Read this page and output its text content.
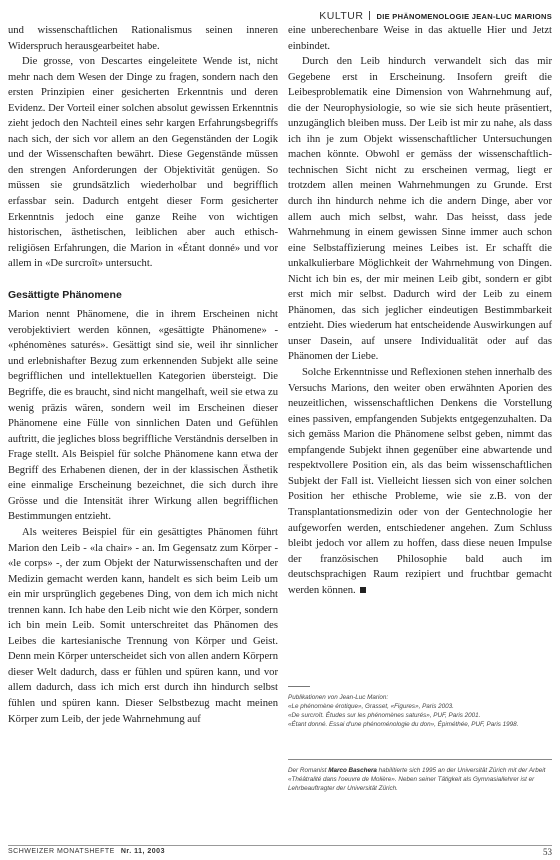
KULTUR DIE PHÄNOMENOLOGIE JEAN-LUC MARIONS

und wissenschaftlichen Rationalismus seinen inneren Widerspruch herausgearbeitet habe.

Die grosse, von Descartes eingeleitete Wende ist, nicht mehr nach dem Wesen der Dinge zu fragen, sondern nach den ersten Prinzipien einer gesicherten Erkenntnis und deren Evidenz. Der Vorteil einer solchen absolut gewissen Erkenntnis zieht jedoch den Nachteil eines sehr kargen Erfahrungsbegriffs nach sich, der sich vor allem an den Gegenständen der Logik und der Wissenschaften bewährt. Diese Gegenstände müssen den strengen Anforderungen der Objektivität genügen. So müssen sie grundsätzlich wiederholbar und begrifflich erfassbar sein. Dadurch entgeht dieser Form gesicherter Erkenntnis jedoch eine ganze Reihe von wichtigen historischen, ästhetischen, leiblichen aber auch ethisch-religiösen Erfahrungen, die Marion in «Étant donné» und vor allem in «De surcroît» untersucht.

Gesättigte Phänomene

Marion nennt Phänomene, die in ihrem Erscheinen nicht verobjektiviert werden können, «gesättigte Phänomene» - «phénomènes saturés». Gesättigt sind sie, weil ihr sinnlicher und erlebnishafter Bezug zum erkennenden Subjekt alle seine begrifflichen und intellektuellen Kategorien übersteigt. Die Begriffe, die es braucht, sind nicht mangelhaft, weil sie etwa zu wenig präzis wären, sondern weil im Erscheinen dieser Phänomene eine Fülle von sinnlichen Daten und Gefühlen auftritt, die jegliches bloss begriffliche Verständnis derselben in Frage stellt. Als Beispiel für solche Phänomene kann etwa der Begriff des Erhabenen dienen, der in der klassischen Ästhetik eine einmalige Erscheinung bezeichnet, die sich durch ihre Grösse und die Intensität ihrer Wirkung allen begrifflichen Bestimmungen entzieht.

Als weiteres Beispiel für ein gesättigtes Phänomen führt Marion den Leib - «la chair» - an. Im Gegensatz zum Körper - «le corps» -, der zum Objekt der Naturwissenschaften und der Medizin gemacht werden kann, handelt es sich beim Leib um ein mir ursprünglich gegebenes Ding, von dem ich mich nicht trennen kann. Ich habe den Leib nicht wie den Körper, sondern ich bin mein Leib. Somit unterschreitet das Phänomen des Leibes die kartesianische Trennung von Körper und Geist. Denn mein Körper unterscheidet sich von allen andern Körpern dieser Welt dadurch, dass er fühlen und spüren kann, und vor allem dadurch, dass ich mich erst durch ihn hindurch selbst fühlen und spüren kann. Dieser Selbstbezug macht meinen Körper zum Leib, der jede Wahrnehmung auf

eine unberechenbare Weise in das aktuelle Hier und Jetzt einbindet.

Durch den Leib hindurch verwandelt sich das mir Gegebene erst in Erscheinung. Insofern greift die Leibesproblematik eine Dimension von Wahrnehmung auf, die der Neurophysiologie, so wie sie sich heute präsentiert, unzugänglich bleiben muss. Der Leib ist mir zu nahe, als dass ich ihn je zum Objekt wissenschaftlicher Untersuchungen machen könnte. Obwohl er gemäss der wissenschaftlich-technischen Sicht nicht zu erscheinen vermag, liegt er trotzdem allen meinen Wahrnehmungen zu Grunde. Erst durch ihn hindurch nehme ich die andern Dinge, aber vor allem auch mich selbst, wahr. Das heisst, dass jede Wahrnehmung in einem gewissen Sinne immer auch schon eine Selbstaffizierung meines Leibes ist. Er schafft die unkalkulierbare Möglichkeit der Wahrnehmung von Dingen. Nicht ich bin es, der mir meinen Leib gibt, sondern er gibt erst mich mir selbst. Dadurch wird der Leib zu einem Phänomen, das sich jeglicher eindeutigen Bestimmbarkeit entzieht. Dies wiederum hat entscheidende Auswirkungen auf unser Dasein, auf unsere Individualität oder auf das Phänomen der Liebe.

Solche Erkenntnisse und Reflexionen stehen innerhalb des Versuchs Marions, den weiter oben erwähnten Aporien des neuzeitlichen, wissenschaftlichen Denkens die Vorstellung eines passiven, empfangenden Subjekts entgegenzuhalten. Da sich gemäss Marion die Phänomene selbst geben, nimmt das empfangende Subjekt ihnen gegenüber eine abwartende und respektvollere Position ein, als das beim wissenschaftlichen Subjekt der Fall ist. Vielleicht liessen sich von einer solchen Position her ethische Probleme, wie sie z.B. von der Transplantationsmedizin oder von der Gentechnologie her aufgeworfen werden, entschiedener angehen. Zum Schluss bleibt jedoch vor allem zu hoffen, dass diese neuen Impulse der französischen Philosophie bald auch im deutschsprachigen Raum rezipiert und fruchtbar gemacht werden können.

Publikationen von Jean-Luc Marion:
«Le phénomène érotique», Grasset, «Figures», Paris 2003.
«De surcroît. Études sur les phénomènes saturés», PUF, Paris 2001.
«Étant donné. Essai d'une phénoménologie du don», Épiméthée, PUF, Paris 1998.
Der Romanist Marco Baschera habilitierte sich 1995 an der Universität Zürich mit der Arbeit «Théâtralité dans l'oeuvre de Molière». Neben seiner Tätigkeit als Gymnasiallehrer ist er Lehrbeauftragter der Universität Zürich.
SCHWEIZER MONATSHEFTE Nr. 11, 2003	53
